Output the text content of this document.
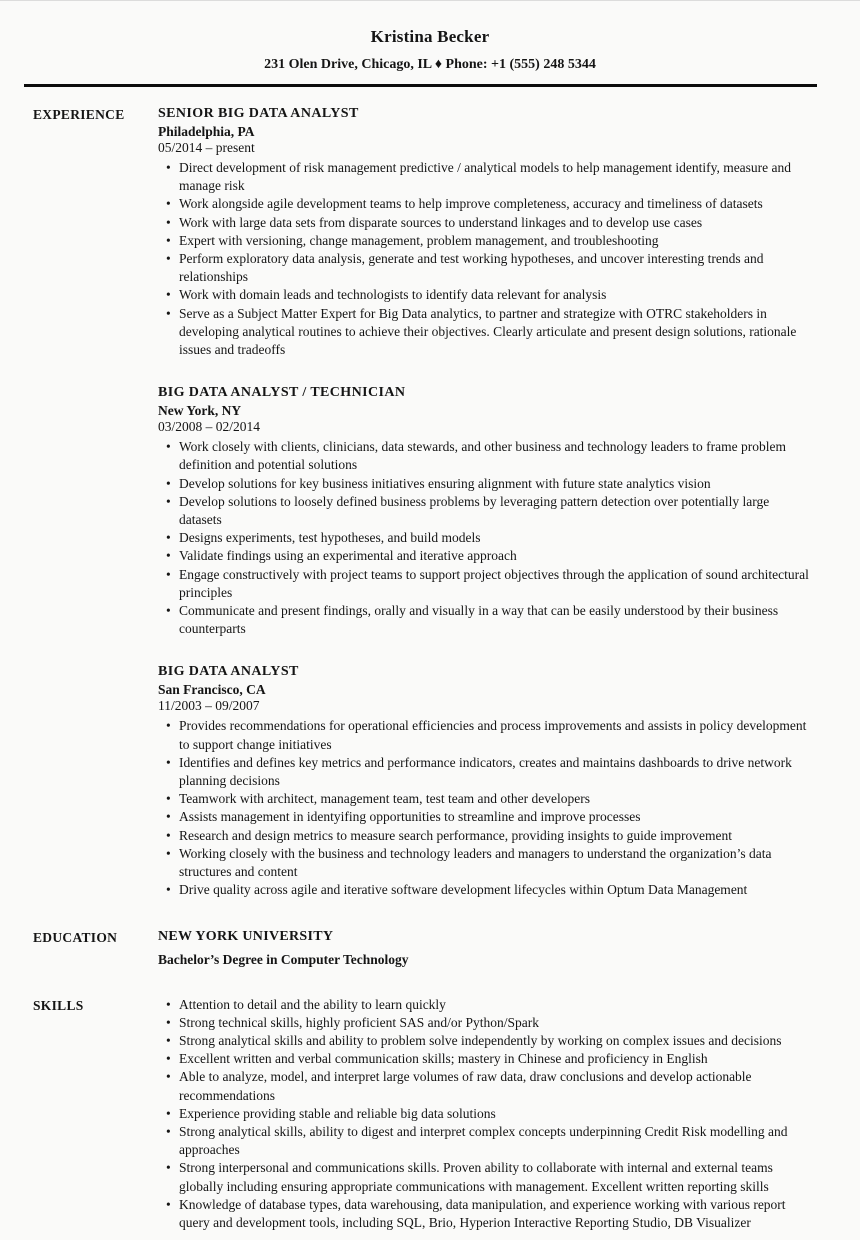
Kristina Becker
231 Olen Drive, Chicago, IL ♦ Phone: +1 (555) 248 5344
EXPERIENCE	SENIOR BIG DATA ANALYST
Philadelphia, PA
05/2014 – present
• Direct development of risk management predictive / analytical models to help management identify, measure and manage risk
• Work alongside agile development teams to help improve completeness, accuracy and timeliness of datasets
• Work with large data sets from disparate sources to understand linkages and to develop use cases
• Expert with versioning, change management, problem management, and troubleshooting
• Perform exploratory data analysis, generate and test working hypotheses, and uncover interesting trends and relationships
• Work with domain leads and technologists to identify data relevant for analysis
• Serve as a Subject Matter Expert for Big Data analytics, to partner and strategize with OTRC stakeholders in developing analytical routines to achieve their objectives. Clearly articulate and present design solutions, rationale issues and tradeoffs
BIG DATA ANALYST / TECHNICIAN
New York, NY
03/2008 – 02/2014
• Work closely with clients, clinicians, data stewards, and other business and technology leaders to frame problem definition and potential solutions
• Develop solutions for key business initiatives ensuring alignment with future state analytics vision
• Develop solutions to loosely defined business problems by leveraging pattern detection over potentially large datasets
• Designs experiments, test hypotheses, and build models
• Validate findings using an experimental and iterative approach
• Engage constructively with project teams to support project objectives through the application of sound architectural principles
• Communicate and present findings, orally and visually in a way that can be easily understood by their business counterparts
BIG DATA ANALYST
San Francisco, CA
11/2003 – 09/2007
• Provides recommendations for operational efficiencies and process improvements and assists in policy development to support change initiatives
• Identifies and defines key metrics and performance indicators, creates and maintains dashboards to drive network planning decisions
• Teamwork with architect, management team, test team and other developers
• Assists management in identyifing opportunities to streamline and improve processes
• Research and design metrics to measure search performance, providing insights to guide improvement
• Working closely with the business and technology leaders and managers to understand the organization’s data structures and content
• Drive quality across agile and iterative software development lifecycles within Optum Data Management
EDUCATION	NEW YORK UNIVERSITY
Bachelor’s Degree in Computer Technology
SKILLS	• Attention to detail and the ability to learn quickly
• Strong technical skills, highly proficient SAS and/or Python/Spark
• Strong analytical skills and ability to problem solve independently by working on complex issues and decisions
• Excellent written and verbal communication skills; mastery in Chinese and proficiency in English
• Able to analyze, model, and interpret large volumes of raw data, draw conclusions and develop actionable recommendations
• Experience providing stable and reliable big data solutions
• Strong analytical skills, ability to digest and interpret complex concepts underpinning Credit Risk modelling and approaches
• Strong interpersonal and communications skills. Proven ability to collaborate with internal and external teams globally including ensuring appropriate communications with management. Excellent written reporting skills
• Knowledge of database types, data warehousing, data manipulation, and experience working with various report query and development tools, including SQL, Brio, Hyperion Interactive Reporting Studio, DB Visualizer
